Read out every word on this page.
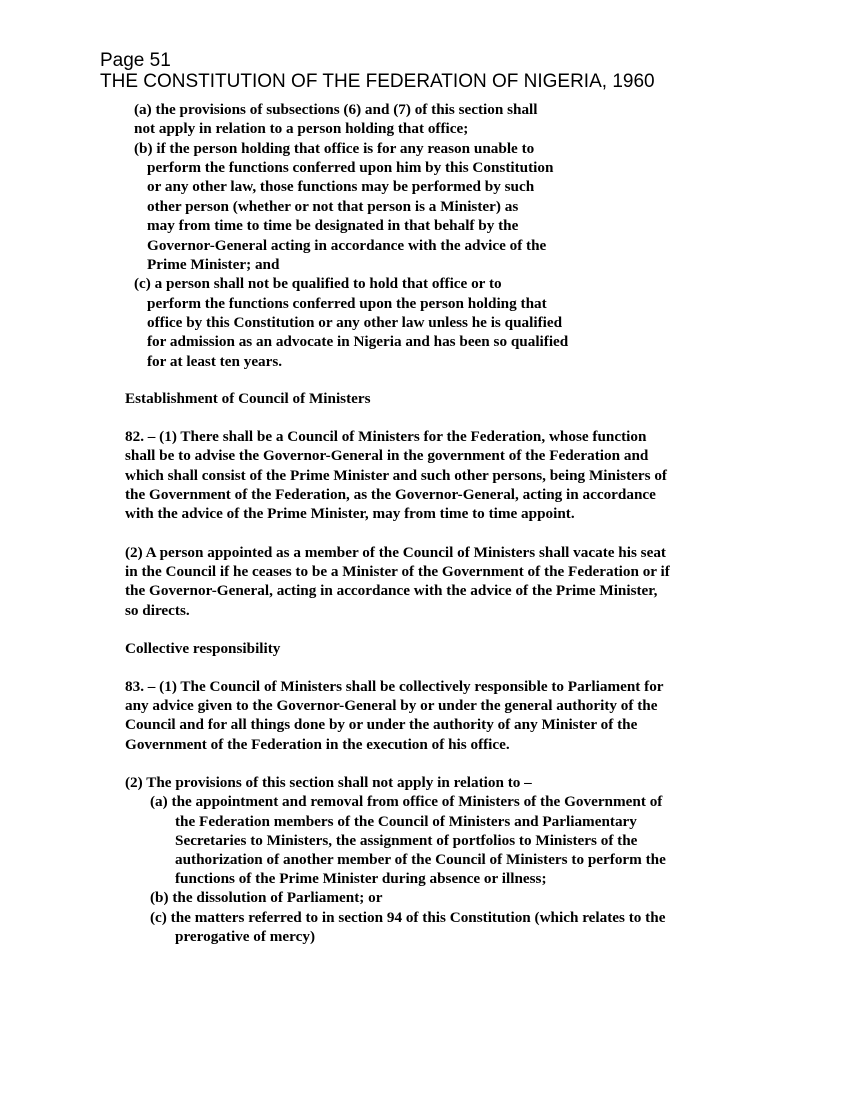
Page 51
THE CONSTITUTION OF THE FEDERATION OF NIGERIA, 1960
(a) the provisions of subsections (6) and (7) of this section shall
not apply in relation to a person holding that office;
(b) if the person holding that office is for any reason unable to
perform the functions conferred upon him by this Constitution
or any other law, those functions may be performed by such
other person (whether or not that person is a Minister) as
may from time to time be designated in that behalf by the
Governor-General acting in accordance with the advice of the
Prime Minister; and
(c) a person shall not be qualified to hold that office or to
perform the functions conferred upon the person holding that
office by this Constitution or any other law unless he is qualified
for admission as an advocate in Nigeria and has been so qualified
for at least ten years.
Establishment of Council of Ministers
82. – (1) There shall be a Council of Ministers for the Federation, whose function
shall be to advise the Governor-General in the government of the Federation and
which shall consist of the Prime Minister and such other persons, being Ministers of
the Government of the Federation, as the Governor-General, acting in accordance
with the advice of the Prime Minister, may from time to time appoint.
(2) A person appointed as a member of the Council of Ministers shall vacate his seat
in the Council if he ceases to be a Minister of the Government of the Federation or if
the Governor-General, acting in accordance with the advice of the Prime Minister,
so directs.
Collective responsibility
83. – (1) The Council of Ministers shall be collectively responsible to Parliament for
any advice given to the Governor-General by or under the general authority of the
Council and for all things done by or under the authority of any Minister of the
Government of the Federation in the execution of his office.
(2) The provisions of this section shall not apply in relation to –
(a) the appointment and removal from office of Ministers of the Government of
the Federation members of the Council of Ministers and Parliamentary
Secretaries to Ministers, the assignment of portfolios to Ministers of the
authorization of another member of the Council of Ministers to perform the
functions of the Prime Minister during absence or illness;
(b) the dissolution of Parliament; or
(c) the matters referred to in section 94 of this Constitution (which relates to the
prerogative of mercy)
